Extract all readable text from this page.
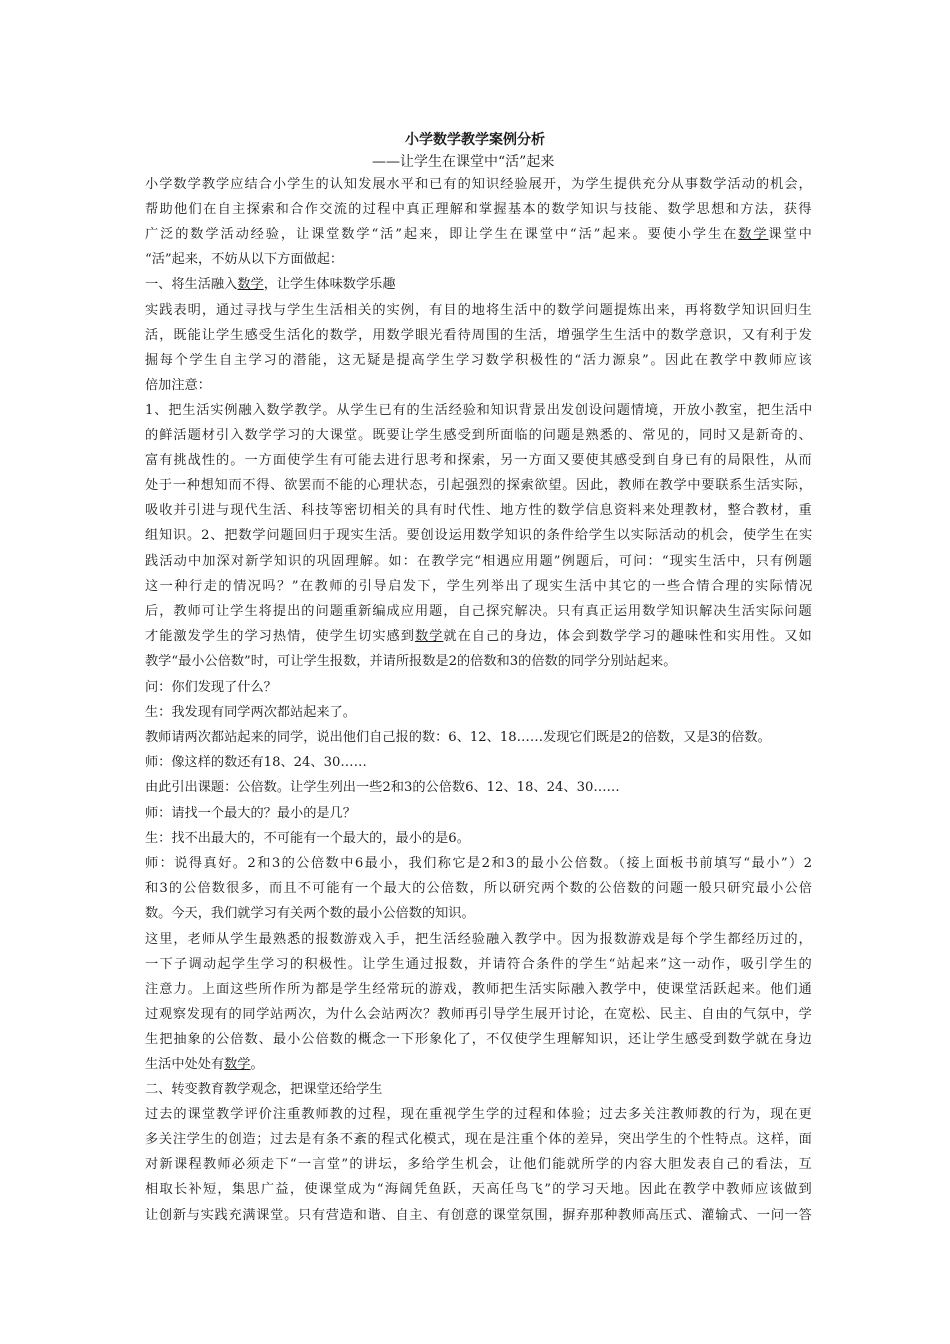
小学数学教学案例分析
——让学生在课堂中“活”起来
小学数学教学应结合小学生的认知发展水平和已有的知识经验展开，为学生提供充分从事数学活动的机会，
帮助他们在自主探索和合作交流的过程中真正理解和掌握基本的数学知识与技能、数学思想和方法，获得
广泛的数学活动经验，让课堂数学“活”起来，即让学生在课堂中“活”起来。要使小学生在数学课堂中
“活”起来，不妨从以下方面做起：
一、将生活融入数学，让学生体味数学乐趣
实践表明，通过寻找与学生生活相关的实例，有目的地将生活中的数学问题提炼出来，再将数学知识回归生
活，既能让学生感受生活化的数学，用数学眼光看待周围的生活，增强学生生活中的数学意识，又有利于发
掘每个学生自主学习的潜能，这无疑是提高学生学习数学积极性的“活力源泉”。因此在教学中教师应该
倍加注意：
1、把生活实例融入数学教学。从学生已有的生活经验和知识背景出发创设问题情境，开放小教室，把生活中
的鲜活题材引入数学学习的大课堂。既要让学生感受到所面临的问题是熟悉的、常见的，同时又是新奇的、
富有挑战性的。一方面使学生有可能去进行思考和探索，另一方面又要使其感受到自身已有的局限性，从而
处于一种想知而不得、欲罢而不能的心理状态，引起强烈的探索欲望。因此，教师在教学中要联系生活实际，
吸收并引进与现代生活、科技等密切相关的具有时代性、地方性的数学信息资料来处理教材，整合教材，重
组知识。2、把数学问题回归于现实生活。要创设运用数学知识的条件给学生以实际活动的机会，使学生在实
践活动中加深对新学知识的巩固理解。如：在教学完“相遇应用题”例题后，可问：“现实生活中，只有例题
这一种行走的情况吗？”在教师的引导启发下，学生列举出了现实生活中其它的一些合情合理的实际情况
后，教师可让学生将提出的问题重新编成应用题，自己探究解决。只有真正运用数学知识解决生活实际问题
才能激发学生的学习热情，使学生切实感到数学就在自己的身边，体会到数学学习的趣味性和实用性。又如
教学“最小公倍数”时，可让学生报数，并请所报数是2的倍数和3的倍数的同学分别站起来。
问：你们发现了什么？
生：我发现有同学两次都站起来了。
教师请两次都站起来的同学，说出他们自己报的数：6、12、18……发现它们既是2的倍数，又是3的倍数。
师：像这样的数还有18、24、30……
由此引出课题：公倍数。让学生列出一些2和3的公倍数6、12、18、24、30……
师：请找一个最大的？最小的是几？
生：找不出最大的，不可能有一个最大的，最小的是6。
师：说得真好。2和3的公倍数中6最小，我们称它是2和3的最小公倍数。（接上面板书前填写“最小”）2
和3的公倍数很多，而且不可能有一个最大的公倍数，所以研究两个数的公倍数的问题一般只研究最小公倍
数。今天，我们就学习有关两个数的最小公倍数的知识。
这里，老师从学生最熟悉的报数游戏入手，把生活经验融入教学中。因为报数游戏是每个学生都经历过的，
一下子调动起学生学习的积极性。让学生通过报数，并请符合条件的学生“站起来”这一动作，吸引学生的
注意力。上面这些所作所为都是学生经常玩的游戏，教师把生活实际融入教学中，使课堂活跃起来。他们通
过观察发现有的同学站两次，为什么会站两次？教师再引导学生展开讨论，在宽松、民主、自由的气氛中，学
生把抽象的公倍数、最小公倍数的概念一下形象化了，不仅使学生理解知识，还让学生感受到数学就在身边
生活中处处有数学。
二、转变教育教学观念，把课堂还给学生
过去的课堂教学评价注重教师教的过程，现在重视学生学的过程和体验；过去多关注教师教的行为，现在更
多关注学生的创造；过去是有条不紊的程式化模式，现在是注重个体的差异，突出学生的个性特点。这样，面
对新课程教师必须走下“一言堂”的讲坛，多给学生机会，让他们能就所学的内容大胆发表自己的看法，互
相取长补短，集思广益，使课堂成为“海阔凭鱼跃，天高任鸟飞”的学习天地。因此在教学中教师应该做到
让创新与实践充满课堂。只有营造和谐、自主、有创意的课堂氛围，摒弃那种教师高压式、灌输式、一问一答
